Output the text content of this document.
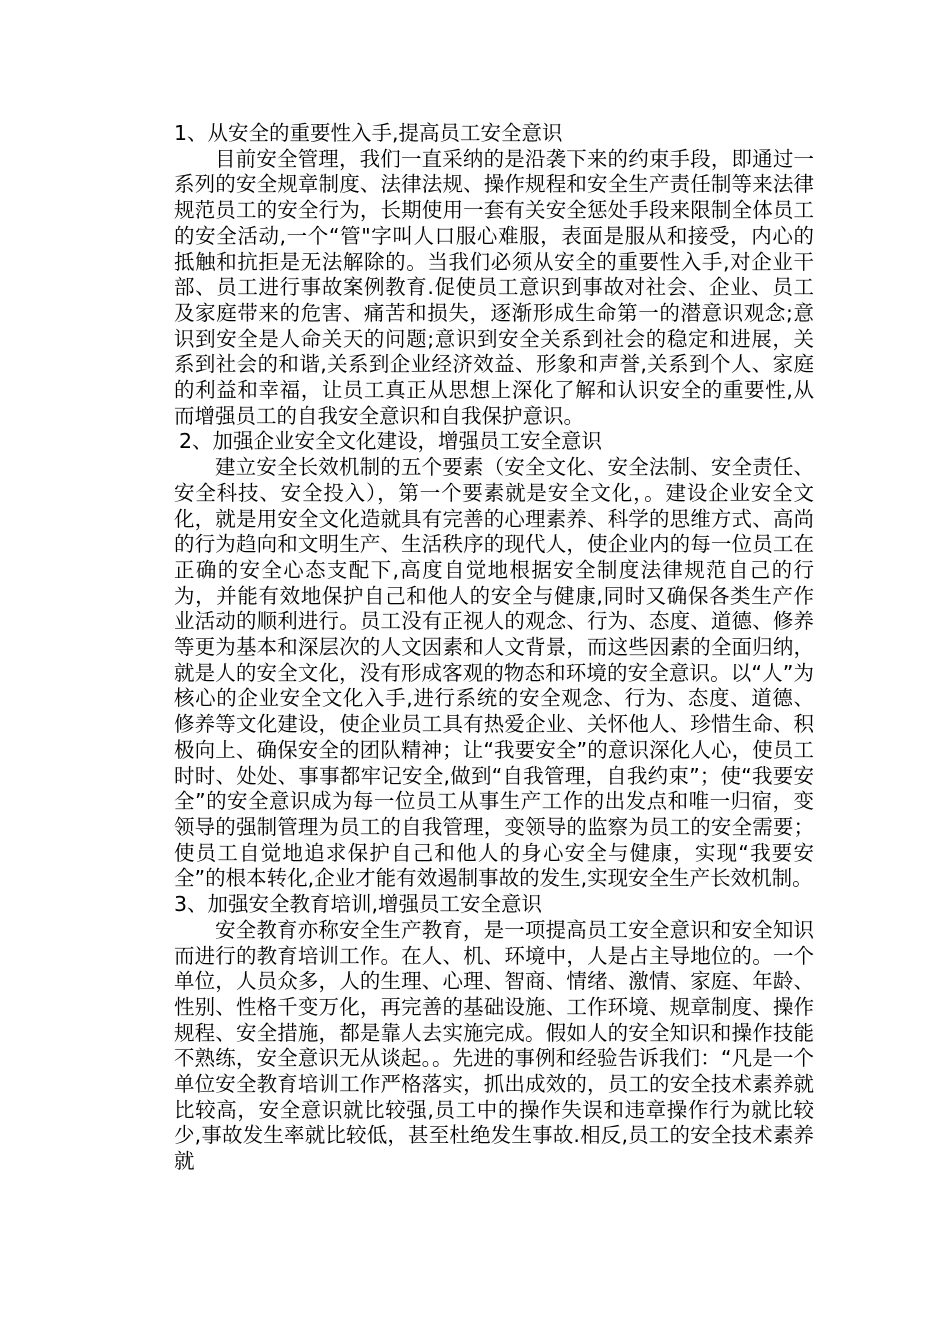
1、从安全的重要性入手,提高员工安全意识

目前安全管理，我们一直采纳的是沿袭下来的约束手段，即通过一系列的安全规章制度、法律法规、操作规程和安全生产责任制等来法律规范员工的安全行为，长期使用一套有关安全惩处手段来限制全体员工的安全活动,一个“管"字叫人口服心难服，表面是服从和接受，内心的抵触和抗拒是无法解除的。当我们必须从安全的重要性入手,对企业干部、员工进行事故案例教育.促使员工意识到事故对社会、企业、员工及家庭带来的危害、痛苦和损失，逐渐形成生命第一的潜意识观念;意识到安全是人命关天的问题;意识到安全关系到社会的稳定和进展，关系到社会的和谐,关系到企业经济效益、形象和声誉,关系到个人、家庭的利益和幸福，让员工真正从思想上深化了解和认识安全的重要性,从而增强员工的自我安全意识和自我保护意识。

2、加强企业安全文化建设，增强员工安全意识

建立安全长效机制的五个要素（安全文化、安全法制、安全责任、安全科技、安全投入），第一个要素就是安全文化，。建设企业安全文化，就是用安全文化造就具有完善的心理素养、科学的思维方式、高尚的行为趋向和文明生产、生活秩序的现代人，使企业内的每一位员工在正确的安全心态支配下,高度自觉地根据安全制度法律规范自己的行为，并能有效地保护自己和他人的安全与健康,同时又确保各类生产作业活动的顺利进行。员工没有正视人的观念、行为、态度、道德、修养等更为基本和深层次的人文因素和人文背景，而这些因素的全面归纳，就是人的安全文化，没有形成客观的物态和环境的安全意识。以“人”为核心的企业安全文化入手,进行系统的安全观念、行为、态度、道德、修养等文化建设，使企业员工具有热爱企业、关怀他人、珍惜生命、积极向上、确保安全的团队精神；让“我要安全”的意识深化人心，使员工时时、处处、事事都牢记安全,做到“自我管理，自我约束”；使“我要安全”的安全意识成为每一位员工从事生产工作的出发点和唯一归宿，变领导的强制管理为员工的自我管理，变领导的监察为员工的安全需要；使员工自觉地追求保护自己和他人的身心安全与健康，实现“我要安全”的根本转化,企业才能有效遏制事故的发生,实现安全生产长效机制。

3、加强安全教育培训,增强员工安全意识

安全教育亦称安全生产教育，是一项提高员工安全意识和安全知识而进行的教育培训工作。在人、机、环境中，人是占主导地位的。一个单位，人员众多，人的生理、心理、智商、情绪、激情、家庭、年龄、性别、性格千变万化，再完善的基础设施、工作环境、规章制度、操作规程、安全措施，都是靠人去实施完成。假如人的安全知识和操作技能不熟练，安全意识无从谈起。。先进的事例和经验告诉我们：“凡是一个单位安全教育培训工作严格落实，抓出成效的，员工的安全技术素养就比较高，安全意识就比较强,员工中的操作失误和违章操作行为就比较少,事故发生率就比较低，甚至杜绝发生事故.相反,员工的安全技术素养就
